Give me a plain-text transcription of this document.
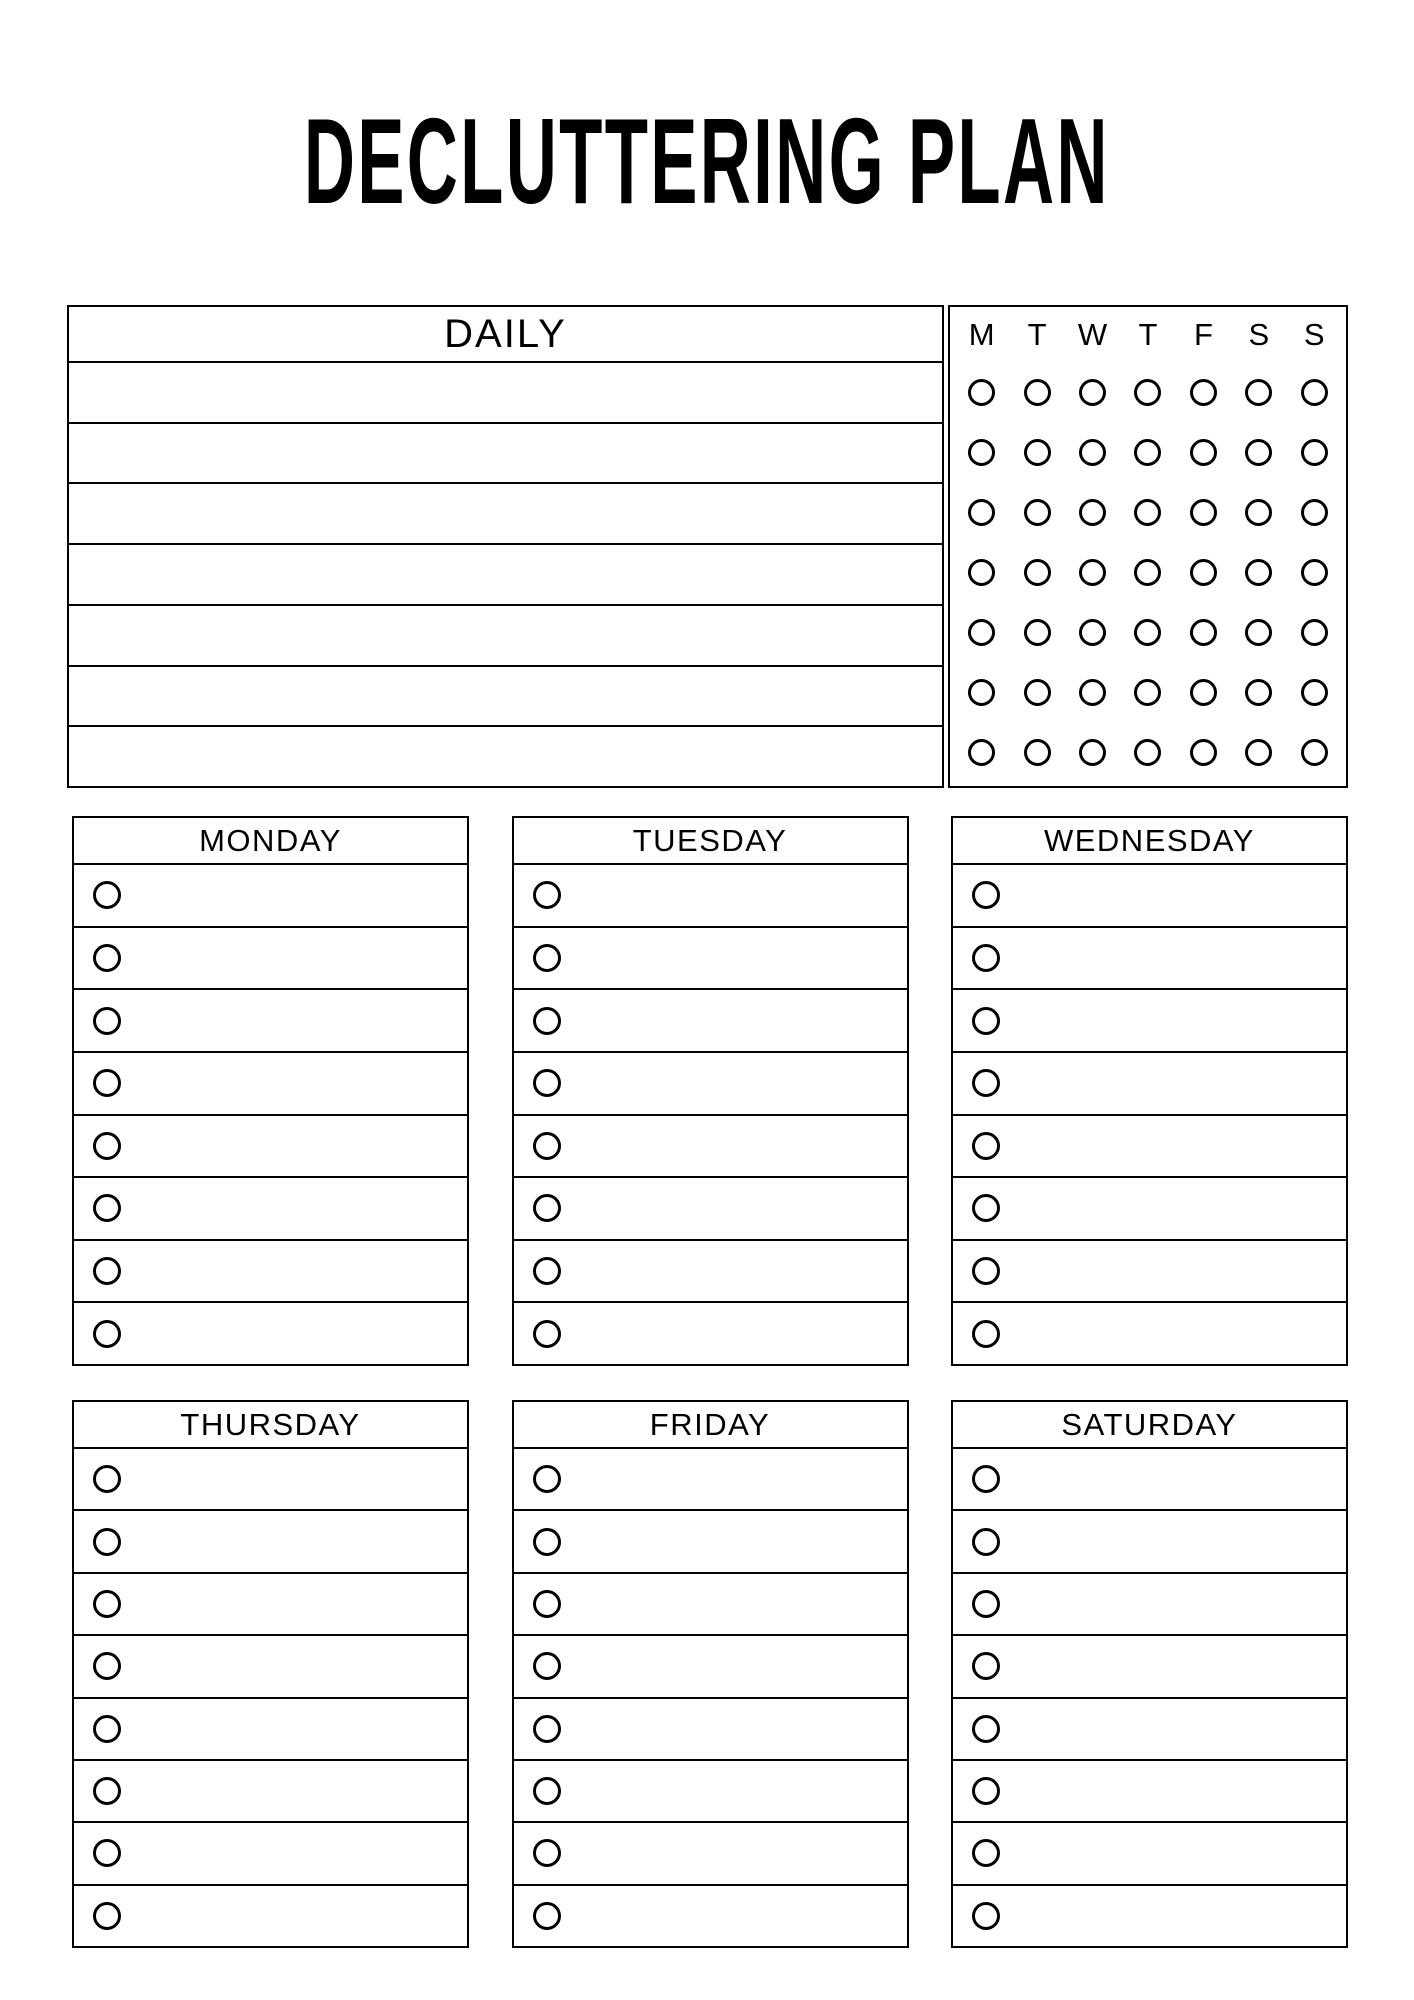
DECLUTTERING PLAN
DAILY	M T W T F S S
MONDAY	TUESDAY	WEDNESDAY
THURSDAY	FRIDAY	SATURDAY
